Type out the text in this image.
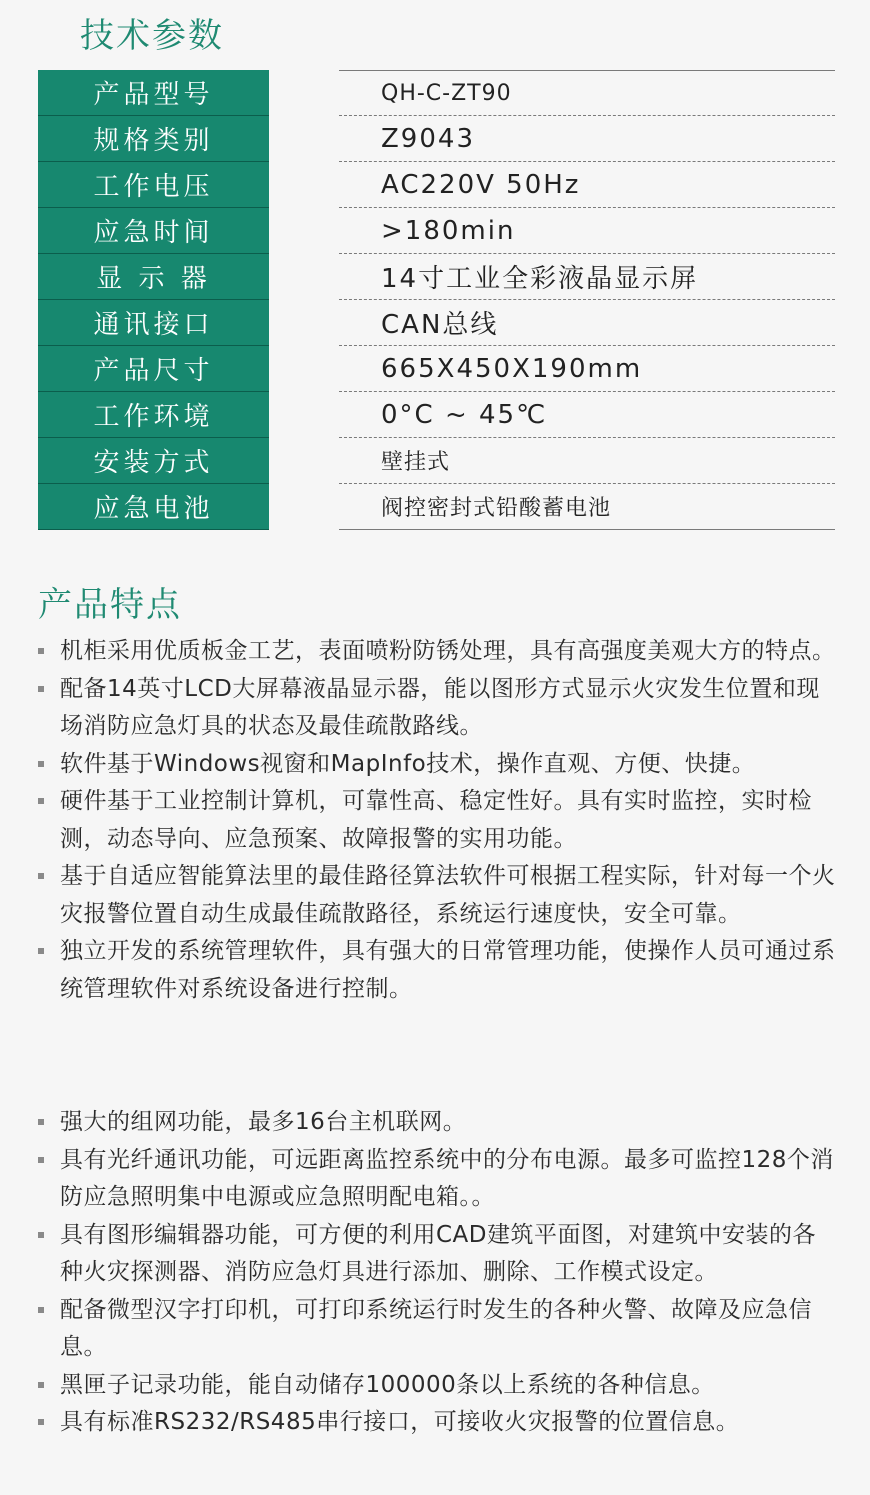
技术参数
产品型号	QH-C-ZT90
规格类别	Z9043
工作电压	AC220V 50Hz
应急时间	>180min
显 示 器	14寸工业全彩液晶显示屏
通讯接口	CAN总线
产品尺寸	665X450X190mm
工作环境	0°C ~ 45℃
安装方式	壁挂式
应急电池	阀控密封式铅酸蓄电池
产品特点
机柜采用优质板金工艺，表面喷粉防锈处理，具有高强度美观大方的特点。
配备14英寸LCD大屏幕液晶显示器，能以图形方式显示火灾发生位置和现场消防应急灯具的状态及最佳疏散路线。
软件基于Windows视窗和MapInfo技术，操作直观、方便、快捷。
硬件基于工业控制计算机，可靠性高、稳定性好。具有实时监控，实时检测，动态导向、应急预案、故障报警的实用功能。
基于自适应智能算法里的最佳路径算法软件可根据工程实际，针对每一个火灾报警位置自动生成最佳疏散路径，系统运行速度快，安全可靠。
独立开发的系统管理软件，具有强大的日常管理功能，使操作人员可通过系统管理软件对系统设备进行控制。
强大的组网功能，最多16台主机联网。
具有光纤通讯功能，可远距离监控系统中的分布电源。最多可监控128个消防应急照明集中电源或应急照明配电箱。。
具有图形编辑器功能，可方便的利用CAD建筑平面图，对建筑中安装的各种火灾探测器、消防应急灯具进行添加、删除、工作模式设定。
配备微型汉字打印机，可打印系统运行时发生的各种火警、故障及应急信息。
黑匣子记录功能，能自动储存100000条以上系统的各种信息。
具有标准RS232/RS485串行接口，可接收火灾报警的位置信息。
